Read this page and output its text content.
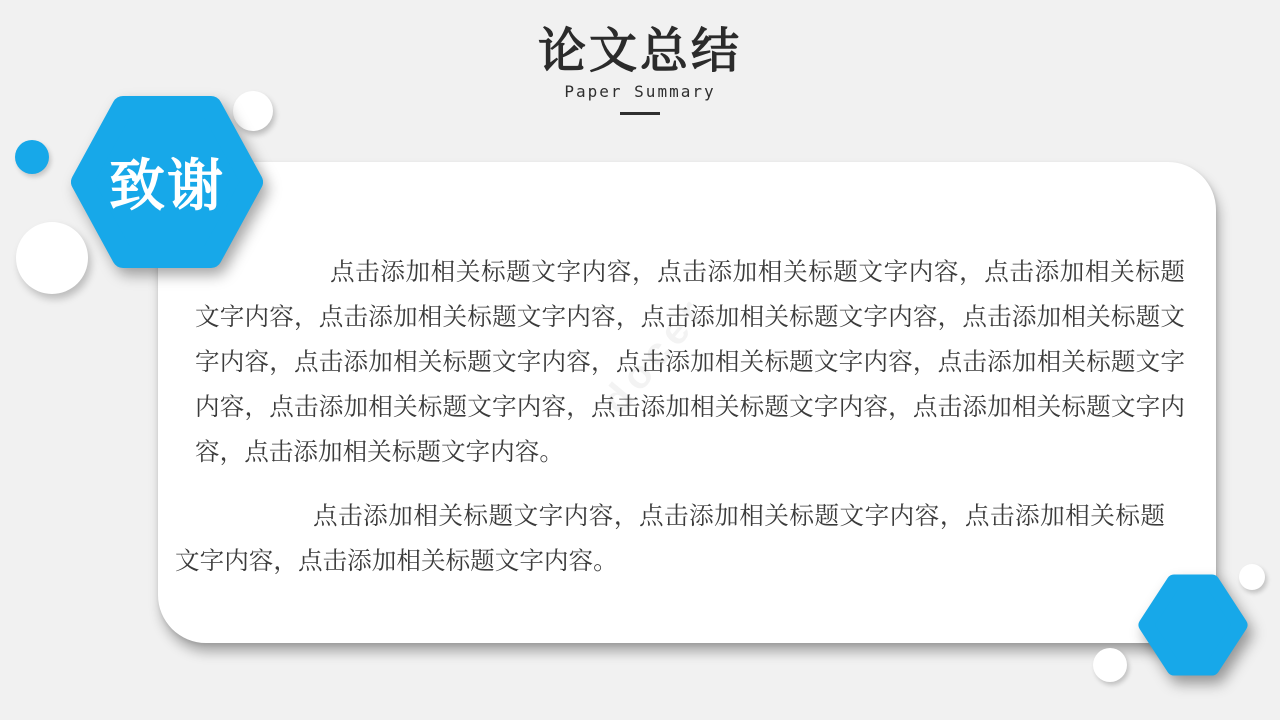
论文总结
Paper Summary
点击添加相关标题文字内容，点击添加相关标题文字内容，点击添加相关标题文字内容，点击添加相关标题文字内容，点击添加相关标题文字内容，点击添加相关标题文字内容，点击添加相关标题文字内容，点击添加相关标题文字内容，点击添加相关标题文字内容，点击添加相关标题文字内容，点击添加相关标题文字内容，点击添加相关标题文字内容，点击添加相关标题文字内容。
点击添加相关标题文字内容，点击添加相关标题文字内容，点击添加相关标题文字内容，点击添加相关标题文字内容。
致谢
